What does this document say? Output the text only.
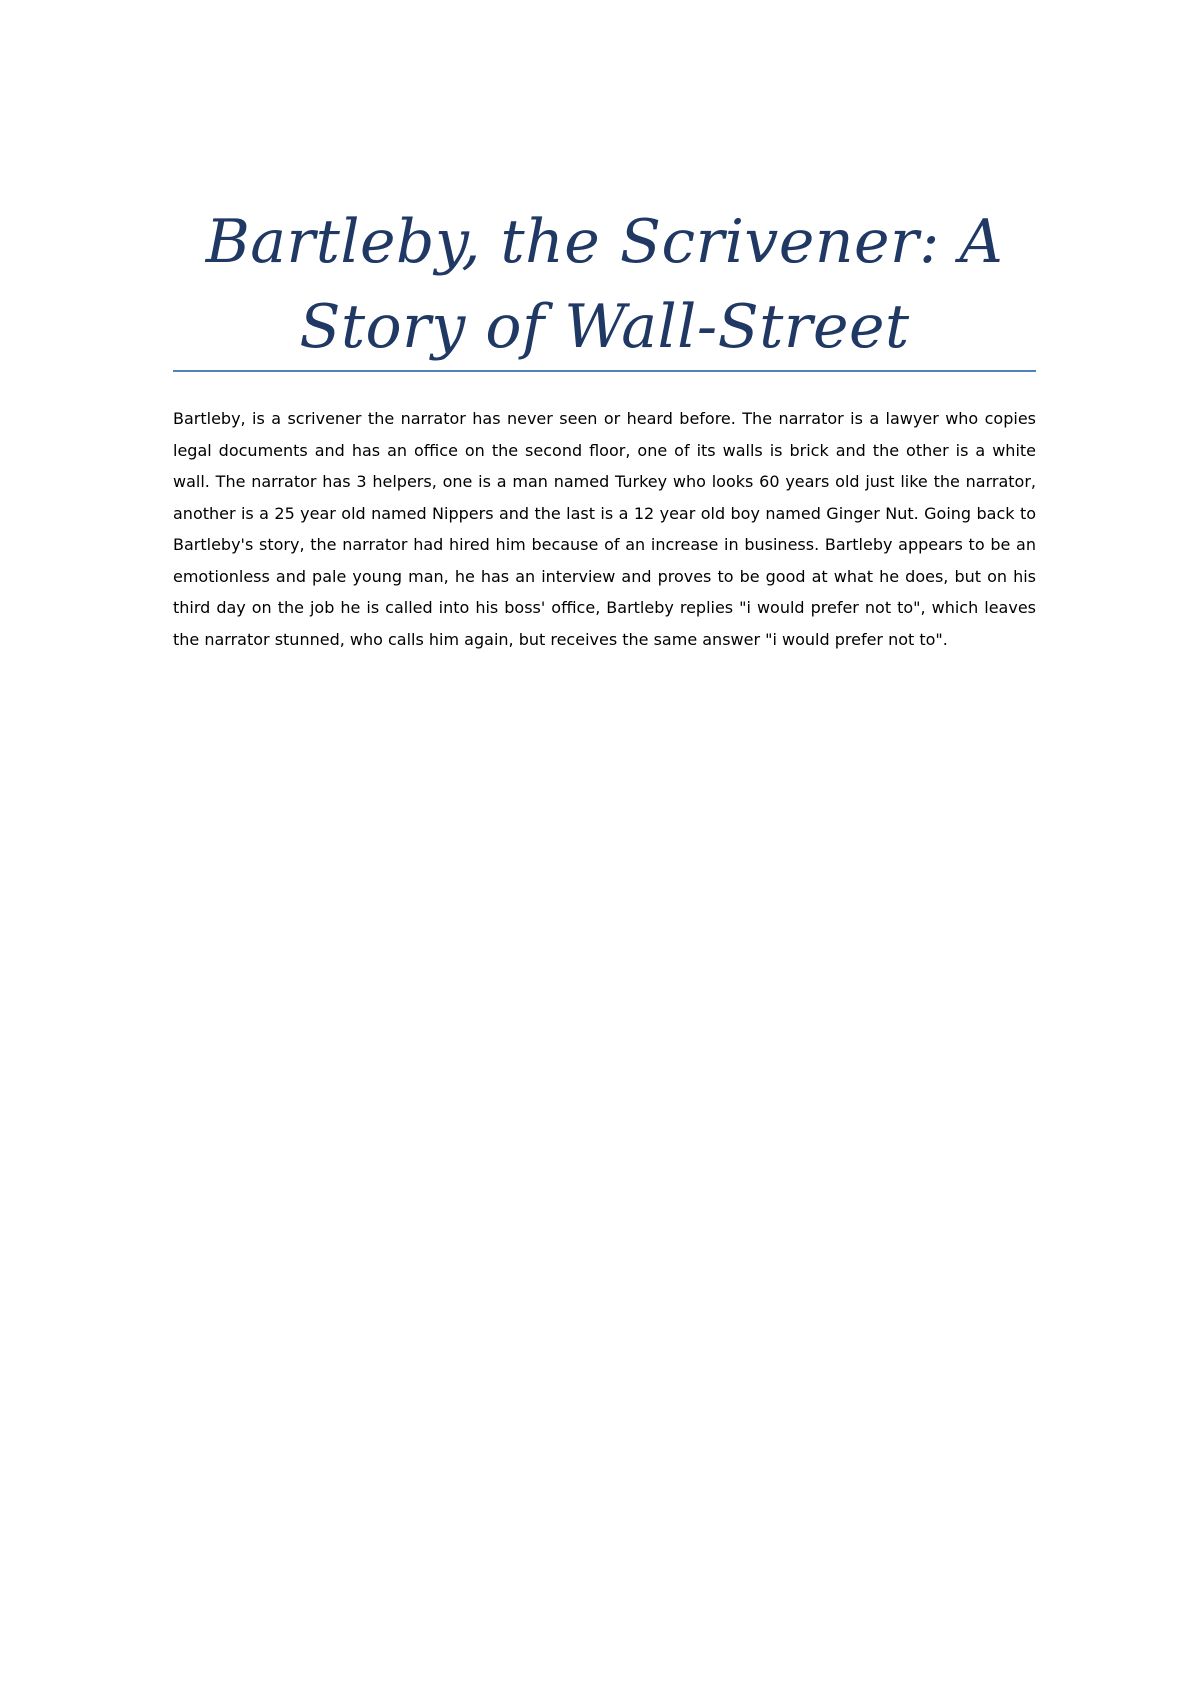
Bartleby, the Scrivener: A Story of Wall-Street

Bartleby, is a scrivener the narrator has never seen or heard before. The narrator is a lawyer who copies legal documents and has an office on the second floor, one of its walls is brick and the other is a white wall. The narrator has 3 helpers, one is a man named Turkey who looks 60 years old just like the narrator, another is a 25 year old named Nippers and the last is a 12 year old boy named Ginger Nut. Going back to Bartleby's story, the narrator had hired him because of an increase in business. Bartleby appears to be an emotionless and pale young man, he has an interview and proves to be good at what he does, but on his third day on the job he is called into his boss' office, Bartleby replies "i would prefer not to", which leaves the narrator stunned, who calls him again, but receives the same answer "i would prefer not to".
